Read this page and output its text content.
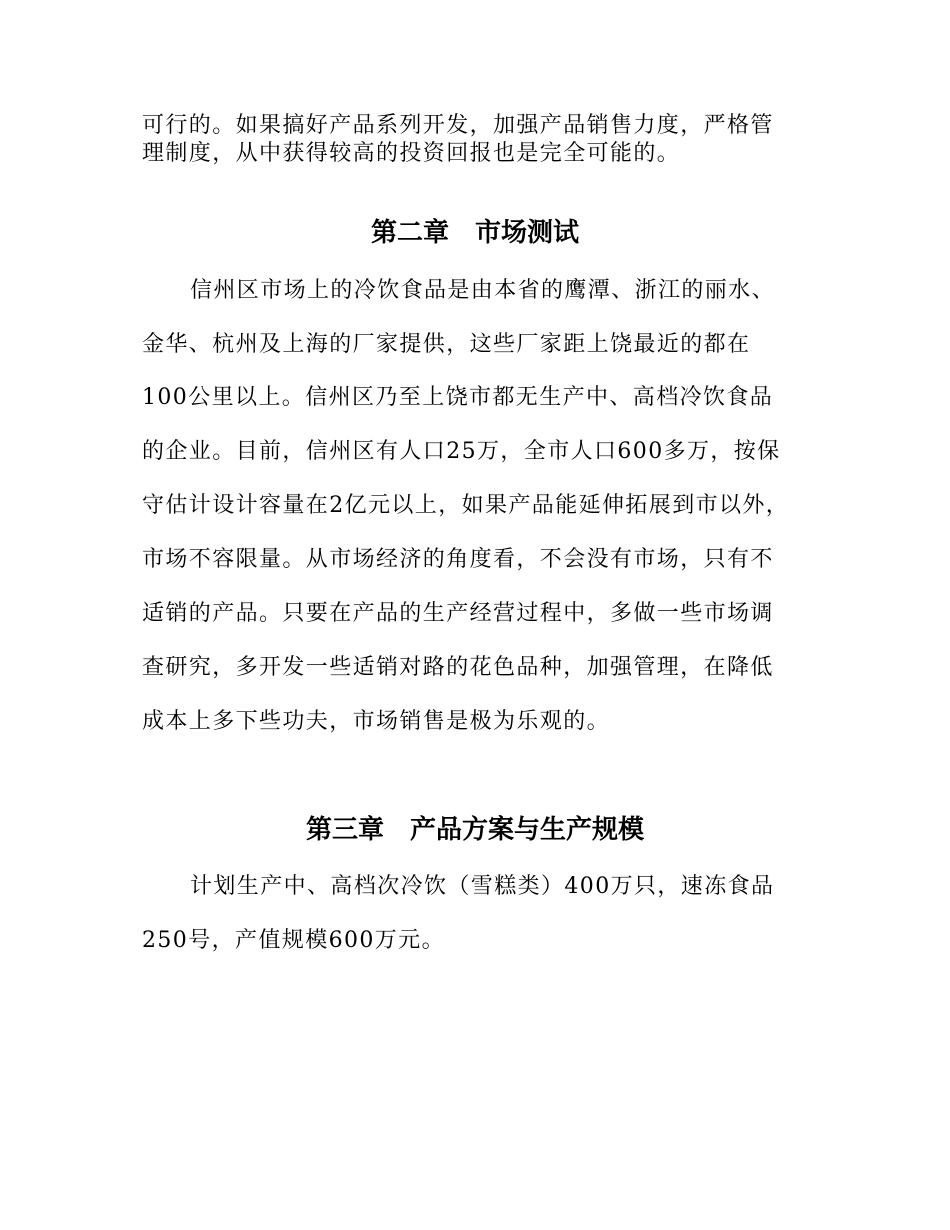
可行的。如果搞好产品系列开发，加强产品销售力度，严格管
理制度，从中获得较高的投资回报也是完全可能的。
第二章　市场测试
信州区市场上的冷饮食品是由本省的鹰潭、浙江的丽水、
金华、杭州及上海的厂家提供，这些厂家距上饶最近的都在
100公里以上。信州区乃至上饶市都无生产中、高档冷饮食品
的企业。目前，信州区有人口25万，全市人口600多万，按保
守估计设计容量在2亿元以上，如果产品能延伸拓展到市以外，
市场不容限量。从市场经济的角度看，不会没有市场，只有不
适销的产品。只要在产品的生产经营过程中，多做一些市场调
查研究，多开发一些适销对路的花色品种，加强管理，在降低
成本上多下些功夫，市场销售是极为乐观的。
第三章　产品方案与生产规模
计划生产中、高档次冷饮（雪糕类）400万只，速冻食品
250号，产值规模600万元。
